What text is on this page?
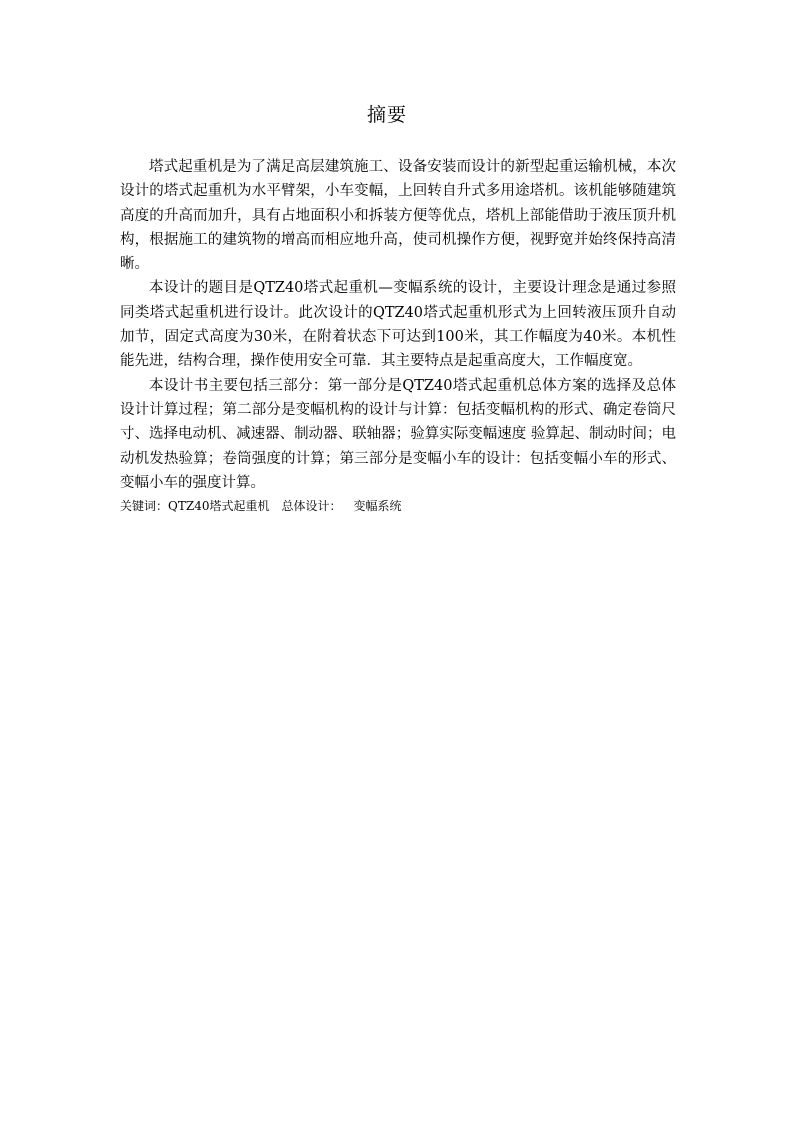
摘要

塔式起重机是为了满足高层建筑施工、设备安装而设计的新型起重运输机械，本次设计的塔式起重机为水平臂架，小车变幅，上回转自升式多用途塔机。该机能够随建筑高度的升高而加升，具有占地面积小和拆装方便等优点，塔机上部能借助于液压顶升机构，根据施工的建筑物的增高而相应地升高，使司机操作方便，视野宽并始终保持高清晰。

本设计的题目是QTZ40塔式起重机—变幅系统的设计，主要设计理念是通过参照同类塔式起重机进行设计。此次设计的QTZ40塔式起重机形式为上回转液压顶升自动加节，固定式高度为30米，在附着状态下可达到100米，其工作幅度为40米。本机性能先进，结构合理，操作使用安全可靠．其主要特点是起重高度大，工作幅度宽。

本设计书主要包括三部分：第一部分是QTZ40塔式起重机总体方案的选择及总体设计计算过程；第二部分是变幅机构的设计与计算：包括变幅机构的形式、确定卷筒尺寸、选择电动机、减速器、制动器、联轴器；验算实际变幅速度 验算起、制动时间；电动机发热验算；卷筒强度的计算；第三部分是变幅小车的设计：包括变幅小车的形式、变幅小车的强度计算。

关键词：QTZ40塔式起重机 总体设计： 变幅系统
